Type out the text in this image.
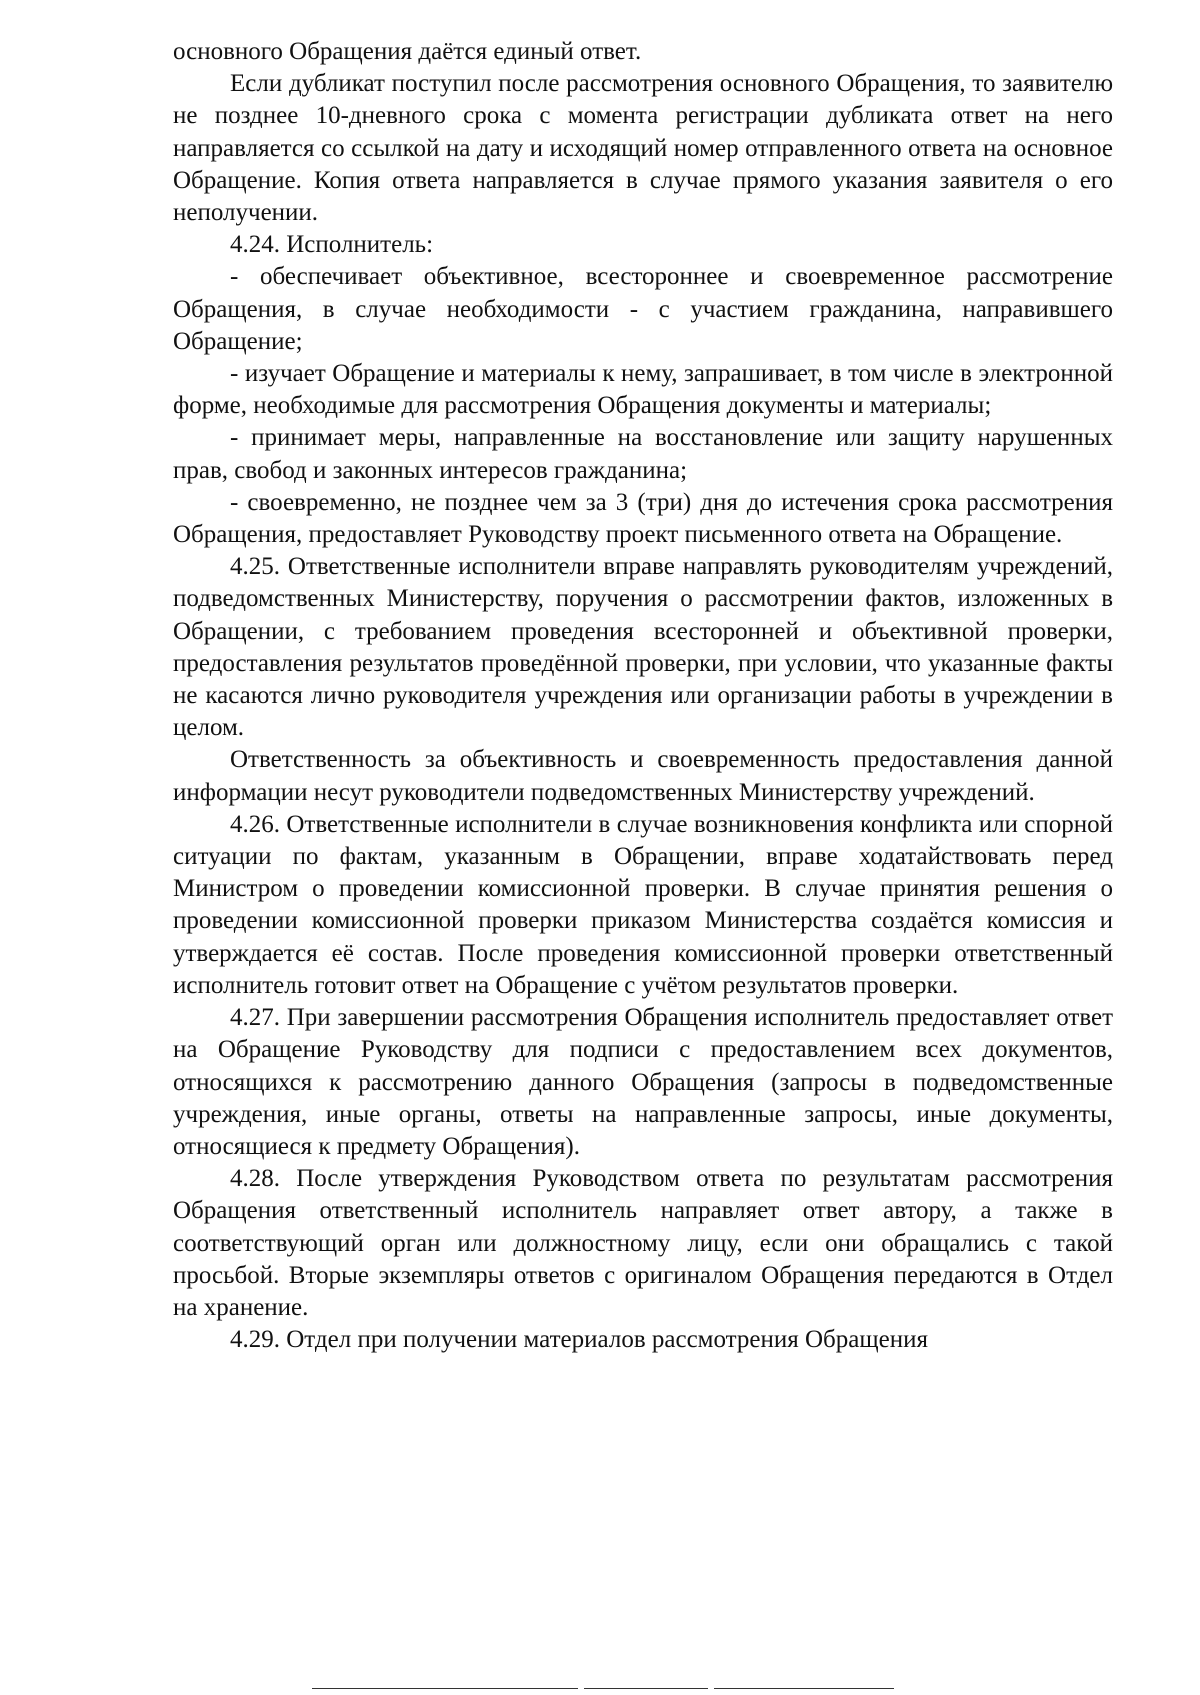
основного Обращения даётся единый ответ.

Если дубликат поступил после рассмотрения основного Обращения, то заявителю не позднее 10-дневного срока с момента регистрации дубликата ответ на него направляется со ссылкой на дату и исходящий номер отправленного ответа на основное Обращение. Копия ответа направляется в случае прямого указания заявителя о его неполучении.

4.24. Исполнитель:

- обеспечивает объективное, всестороннее и своевременное рассмотрение Обращения, в случае необходимости - с участием гражданина, направившего Обращение;

- изучает Обращение и материалы к нему, запрашивает, в том числе в электронной форме, необходимые для рассмотрения Обращения документы и материалы;

- принимает меры, направленные на восстановление или защиту нарушенных прав, свобод и законных интересов гражданина;

- своевременно, не позднее чем за 3 (три) дня до истечения срока рассмотрения Обращения, предоставляет Руководству проект письменного ответа на Обращение.

4.25. Ответственные исполнители вправе направлять руководителям учреждений, подведомственных Министерству, поручения о рассмотрении фактов, изложенных в Обращении, с требованием проведения всесторонней и объективной проверки, предоставления результатов проведённой проверки, при условии, что указанные факты не касаются лично руководителя учреждения или организации работы в учреждении в целом.

Ответственность за объективность и своевременность предоставления данной информации несут руководители подведомственных Министерству учреждений.

4.26. Ответственные исполнители в случае возникновения конфликта или спорной ситуации по фактам, указанным в Обращении, вправе ходатайствовать перед Министром о проведении комиссионной проверки. В случае принятия решения о проведении комиссионной проверки приказом Министерства создаётся комиссия и утверждается её состав. После проведения комиссионной проверки ответственный исполнитель готовит ответ на Обращение с учётом результатов проверки.

4.27. При завершении рассмотрения Обращения исполнитель предоставляет ответ на Обращение Руководству для подписи с предоставлением всех документов, относящихся к рассмотрению данного Обращения (запросы в подведомственные учреждения, иные органы, ответы на направленные запросы, иные документы, относящиеся к предмету Обращения).

4.28. После утверждения Руководством ответа по результатам рассмотрения Обращения ответственный исполнитель направляет ответ автору, а также в соответствующий орган или должностному лицу, если они обращались с такой просьбой. Вторые экземпляры ответов с оригиналом Обращения передаются в Отдел на хранение.

4.29. Отдел при получении материалов рассмотрения Обращения
